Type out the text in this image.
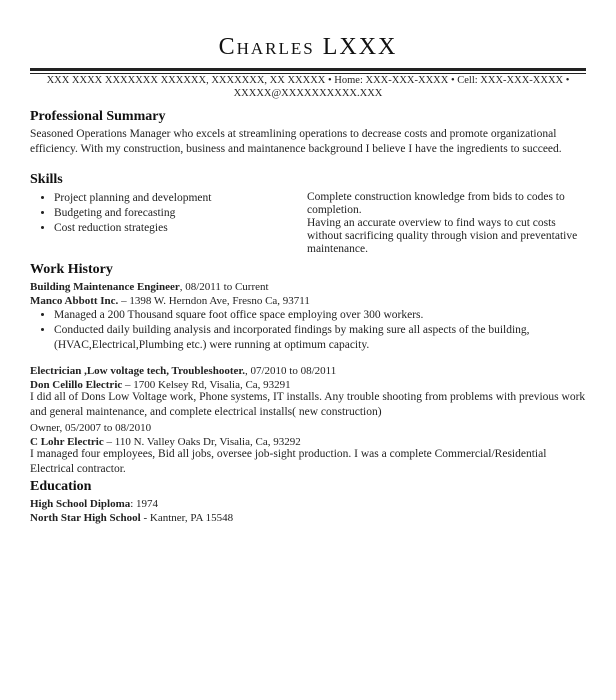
Charles LXXX
XXX XXXX XXXXXXX XXXXXX, XXXXXXX, XX XXXXX • Home: XXX-XXX-XXXX • Cell: XXX-XXX-XXXX •
XXXXX@XXXXXXXXXX.XXX
Professional Summary
Seasoned Operations Manager who excels at streamlining operations to decrease costs and promote organizational efficiency. With my construction, business and maintanence background I believe I have the ingredients to succeed.
Skills
• Project planning and development
• Budgeting and forecasting
• Cost reduction strategies
Complete construction knowledge from bids to codes to completion.
Having an accurate overview to find ways to cut costs without sacrificing quality through vision and preventative maintenance.
Work History
Building Maintenance Engineer, 08/2011 to Current
Manco Abbott Inc. – 1398 W. Herndon Ave, Fresno Ca, 93711
• Managed a 200 Thousand square foot office space employing over 300 workers.
• Conducted daily building analysis and incorporated findings by making sure all aspects of the building, (HVAC,Electrical,Plumbing etc.) were running at optimum capacity.
Electrician ,Low voltage tech, Troubleshooter., 07/2010 to 08/2011
Don Celillo Electric – 1700 Kelsey Rd, Visalia, Ca, 93291
I did all of Dons Low Voltage work, Phone systems, IT installs. Any trouble shooting from problems with previous work and general maintenance, and complete electrical installs( new construction)
Owner, 05/2007 to 08/2010
C Lohr Electric – 110 N. Valley Oaks Dr, Visalia, Ca, 93292
I managed four employees, Bid all jobs, oversee job-sight production. I was a complete Commercial/Residential Electrical contractor.
Education
High School Diploma: 1974
North Star High School - Kantner, PA 15548
